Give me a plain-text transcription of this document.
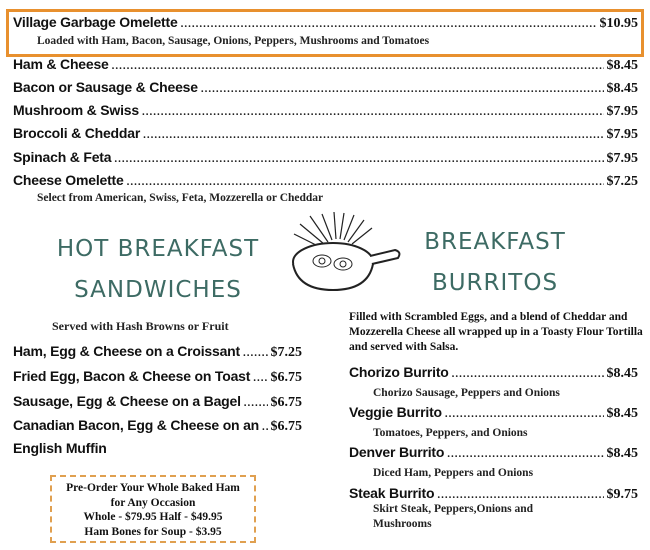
Village Garbage Omelette .....	$10.95
Loaded with Ham, Bacon, Sausage, Onions, Peppers, Mushrooms and Tomatoes
Ham & Cheese .....	$8.45
Bacon or Sausage & Cheese .....	$8.45
Mushroom & Swiss .....	$7.95
Broccoli & Cheddar .....	$7.95
Spinach & Feta .....	$7.95
Cheese Omelette .....	$7.25
Select from American, Swiss, Feta, Mozzerella or Cheddar
HOT BREAKFAST
SANDWICHES
BREAKFAST
BURRITOS
Served with Hash Browns or Fruit
Ham, Egg & Cheese on a Croissant ..... $7.25
Fried Egg, Bacon & Cheese on Toast ..... $6.75
Sausage, Egg & Cheese on a Bagel ..... $6.75
Canadian Bacon, Egg & Cheese on an ..... $6.75
English Muffin
Pre-Order Your Whole Baked Ham
for Any Occasion
Whole - $79.95 Half - $49.95
Ham Bones for Soup - $3.95
Filled with Scrambled Eggs, and a blend of Cheddar and Mozzerella Cheese all wrapped up in a Toasty Flour Tortilla and served with Salsa.
Chorizo Burrito .....	$8.45
Chorizo Sausage, Peppers and Onions
Veggie Burrito .....	$8.45
Tomatoes, Peppers, and Onions
Denver Burrito .....	$8.45
Diced Ham, Peppers and Onions
Steak Burrito .....	$9.75
Skirt Steak, Peppers,Onions and
Mushrooms
